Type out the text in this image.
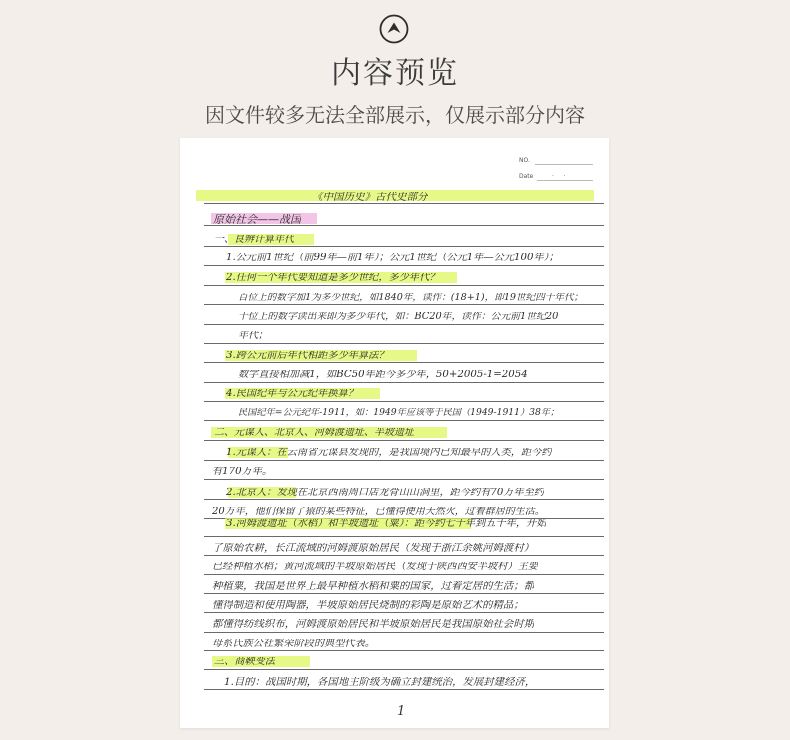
内容预览
因文件较多无法全部展示，仅展示部分内容
NO.
Date	·     ·
《中国历史》古代史部分
原始社会——战国
一、良辨计算年代
1.公元前1世纪（前99年—前1年）；公元1世纪（公元1年—公元100年）；
2.任何一个年代要知道是多少世纪，多少年代？
百位上的数字加1为多少世纪，如1840年，读作：(18+1)，即19世纪四十年代；
十位上的数字读出来即为多少年代，如：BC20年，读作：公元前1世纪20
年代；
3.跨公元前后年代相距多少年算法？
数字直接相加减1，如BC50年距今多少年，50+2005-1=2054
4.民国纪年与公元纪年换算？
民国纪年=公元纪年-1911，如：1949年应该等于民国（1949-1911）38年；
二、元谋人、北京人、河姆渡遗址、半坡遗址
1.元谋人：在云南省元谋县发现的，是我国境内已知最早的人类，距今约
有170万年。
2.北京人：发现在北京西南周口店龙骨山山洞里，距今约有70万年至约
20万年，他们保留了猿的某些特征，已懂得使用天然火，过着群居的生活。
3.河姆渡遗址（水稻）和半坡遗址（粟）：距今约七千年到五千年，开始
了原始农耕，长江流域的河姆渡原始居民（发现于浙江余姚河姆渡村）
已经种植水稻；黄河流域的半坡原始居民（发现于陕西西安半坡村）主要
种植粟，我国是世界上最早种植水稻和粟的国家，过着定居的生活；都
懂得制造和使用陶器，半坡原始居民烧制的彩陶是原始艺术的精品；
都懂得纺线织布，河姆渡原始居民和半坡原始居民是我国原始社会时期
母系氏族公社繁荣阶段的典型代表。
三、商鞅变法
1.目的：战国时期，各国地主阶级为确立封建统治，发展封建经济，
1
